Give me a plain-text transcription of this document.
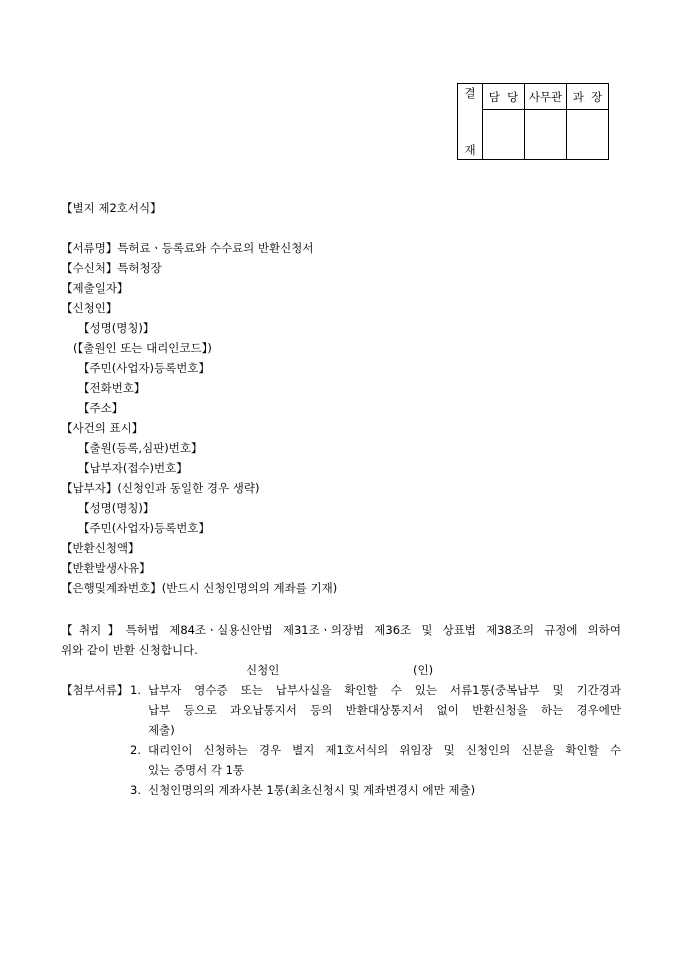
결
재	담  당	사무관	과  장

【별지 제2호서식】
【서류명】특허료ㆍ등록료와 수수료의 반환신청서
【수신처】특허청장
【제출일자】
【신청인】
【성명(명칭)】
(【출원인 또는 대리인코드】)
【주민(사업자)등록번호】
【전화번호】
【주소】
【사건의 표시】
【출원(등록,심판)번호】
【납부자(접수)번호】
【납부자】(신청인과 동일한 경우 생략)
【성명(명칭)】
【주민(사업자)등록번호】
【반환신청액】
【반환발생사유】
【은행및계좌번호】(반드시 신청인명의의 계좌를 기재)
【취지】특허법 제84조ㆍ실용신안법 제31조ㆍ의장법 제36조 및 상표법 제38조의 규정에 의하여
위와 같이 반환 신청합니다.
신청인	(인)
【첨부서류】 1. 납부자 영수증 또는 납부사실을 확인할 수 있는 서류1통(중복납부 및 기간경과
납부 등으로 과오납통지서 등의 반환대상통지서 없이 반환신청을 하는 경우에만
제출)
2. 대리인이 신청하는 경우 별지 제1호서식의 위임장 및 신청인의 신분을 확인할 수
있는 증명서 각 1통
3. 신청인명의의 계좌사본 1통(최초신청시 및 계좌변경시 에만 제출)
